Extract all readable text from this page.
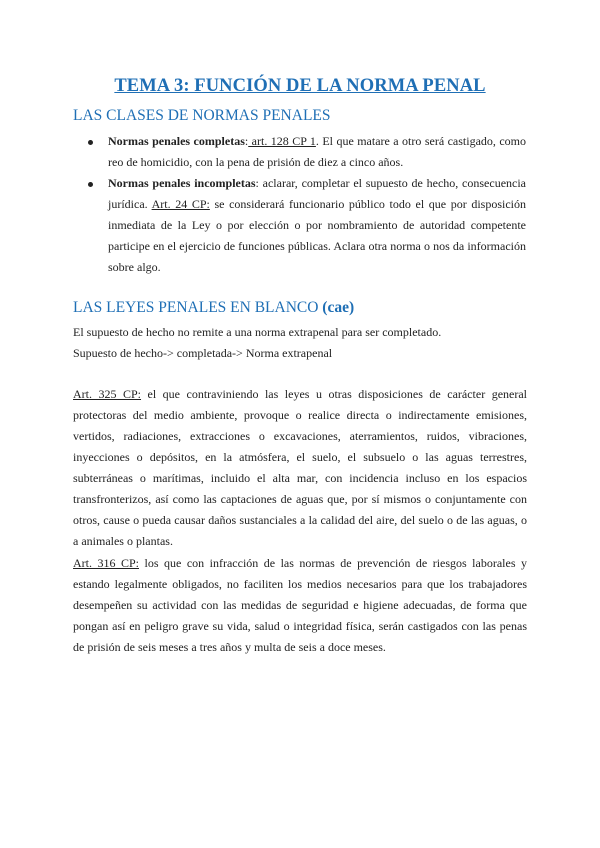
TEMA 3: FUNCIÓN DE LA NORMA PENAL
LAS CLASES DE NORMAS PENALES
Normas penales completas: art. 128 CP 1. El que matare a otro será castigado, como reo de homicidio, con la pena de prisión de diez a cinco años.
Normas penales incompletas: aclarar, completar el supuesto de hecho, consecuencia jurídica. Art. 24 CP: se considerará funcionario público todo el que por disposición inmediata de la Ley o por elección o por nombramiento de autoridad competente participe en el ejercicio de funciones públicas. Aclara otra norma o nos da información sobre algo.
LAS LEYES PENALES EN BLANCO (cae)
El supuesto de hecho no remite a una norma extrapenal para ser completado.
Supuesto de hecho-> completada-> Norma extrapenal
Art. 325 CP: el que contraviniendo las leyes u otras disposiciones de carácter general protectoras del medio ambiente, provoque o realice directa o indirectamente emisiones, vertidos, radiaciones, extracciones o excavaciones, aterramientos, ruidos, vibraciones, inyecciones o depósitos, en la atmósfera, el suelo, el subsuelo o las aguas terrestres, subterráneas o marítimas, incluido el alta mar, con incidencia incluso en los espacios transfronterizos, así como las captaciones de aguas que, por sí mismos o conjuntamente con otros, cause o pueda causar daños sustanciales a la calidad del aire, del suelo o de las aguas, o a animales o plantas.
Art. 316 CP: los que con infracción de las normas de prevención de riesgos laborales y estando legalmente obligados, no faciliten los medios necesarios para que los trabajadores desempeñen su actividad con las medidas de seguridad e higiene adecuadas, de forma que pongan así en peligro grave su vida, salud o integridad física, serán castigados con las penas de prisión de seis meses a tres años y multa de seis a doce meses.
